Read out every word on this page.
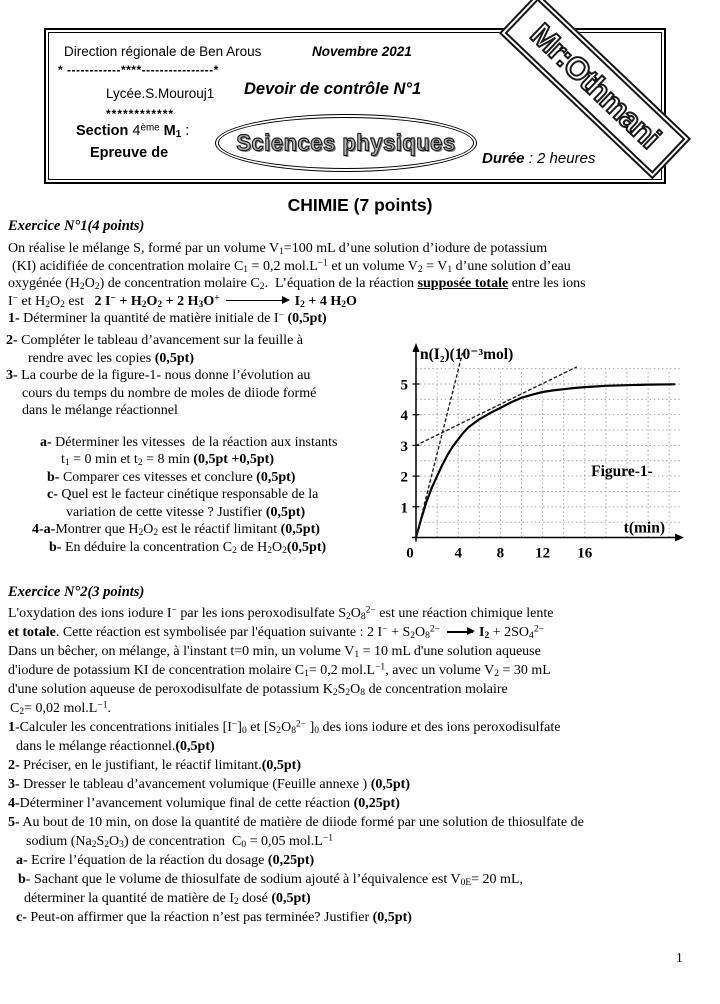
Direction régionale de Ben Arous	Novembre 2021
* ------------****----------------*
Lycée.S.Mourouj1 Devoir de contrôle N°1
************
Section 4ème $M_1$ :
Epreuve de	Sciences physiques
Durée : 2 heures
Mr:Othmani
CHIMIE (7 points)
Exercice N°1(4 points)
On réalise le mélange S, formé par un volume $V_1=100$ mL d’une solution d’iodure de potassium
(KI) acidifiée de concentration molaire $C_1 = 0,2$ $mol.L^{-1}$ et un volume $V_2 = V_1$ d’une solution d’eau
oxygénée $(H_2O_2)$ de concentration molaire $C_2$.  L’équation de la réaction supposée totale entre les ions
I− et $H_2O_2$ est   2 $I^- + H_2O_2 + 2$ $H_3O^+$	$I_2 + 4$ $H_2O$
1- Déterminer la quantité de matière initiale de I− (0,5pt)
2- Compléter le tableau d’avancement sur la feuille à
rendre avec les copies (0,5pt)
3- La courbe de la figure-1- nous donne l’évolution au
cours du temps du nombre de moles de diiode formé
dans le mélange réactionnel
a- Déterminer les vitesses  de la réaction aux instants
$t_1 = 0$ min et $t_2 = 8$ min (0,5pt +0,5pt)
b- Comparer ces vitesses et conclure (0,5pt)
c- Quel est le facteur cinétique responsable de la
variation de cette vitesse ? Justifier (0,5pt)
4-a-Montrer que $H_2O_2$ est le réactif limitant (0,5pt)
b- En déduire la concentration $C_2$ de $H_2O_2(0,5pt)$	0	4 8 12 16
1
2
3
4
5
n(I₂)(10⁻³mol)
t(min)
Figure-1-
Exercice N°2(3 points)
L'oxydation des ions iodure I− par les ions peroxodisulfate $S_2O_8^{2-}$ est une réaction chimique lente
et totale. Cette réaction est symbolisée par l'équation suivante : 2 $I^- + S_2O_8^{2-}$	$I_2 + 2SO_4^{2-}$
Dans un bêcher, on mélange, à l'instant t=0 min, un volume $V_1 = 10$ mL d'une solution aqueuse
d'iodure de potassium KI de concentration molaire $C_1= 0,2$ $mol.L^{-1}$, avec un volume $V_2 = 30$ mL
d'une solution aqueuse de peroxodisulfate de potassium $K_2S_2O_8$ de concentration molaire
$C_2= 0,02$ $mol.L^{-1}$.
1-Calculer les concentrations initiales $[I^-]_0$ et [$S_2O_8^{2-}$ ]$_0$ des ions iodure et des ions peroxodisulfate
dans le mélange réactionnel.(0,5pt)
2- Préciser, en le justifiant, le réactif limitant.(0,5pt)
3- Dresser le tableau d’avancement volumique (Feuille annexe ) (0,5pt)
4-Déterminer l’avancement volumique final de cette réaction (0,25pt)
5- Au bout de 10 min, on dose la quantité de matière de diiode formé par une solution de thiosulfate de
sodium $(Na_2S_2O_3)$ de concentration  $C_0 = 0,05$ $mol.L^{-1}$
a- Ecrire l’équation de la réaction du dosage (0,25pt)
b- Sachant que le volume de thiosulfate de sodium ajouté à l’équivalence est $V_{0E}= 20$ mL,
déterminer la quantité de matière de $I_2$ dosé (0,5pt)
c- Peut-on affirmer que la réaction n’est pas terminée? Justifier (0,5pt)
1
